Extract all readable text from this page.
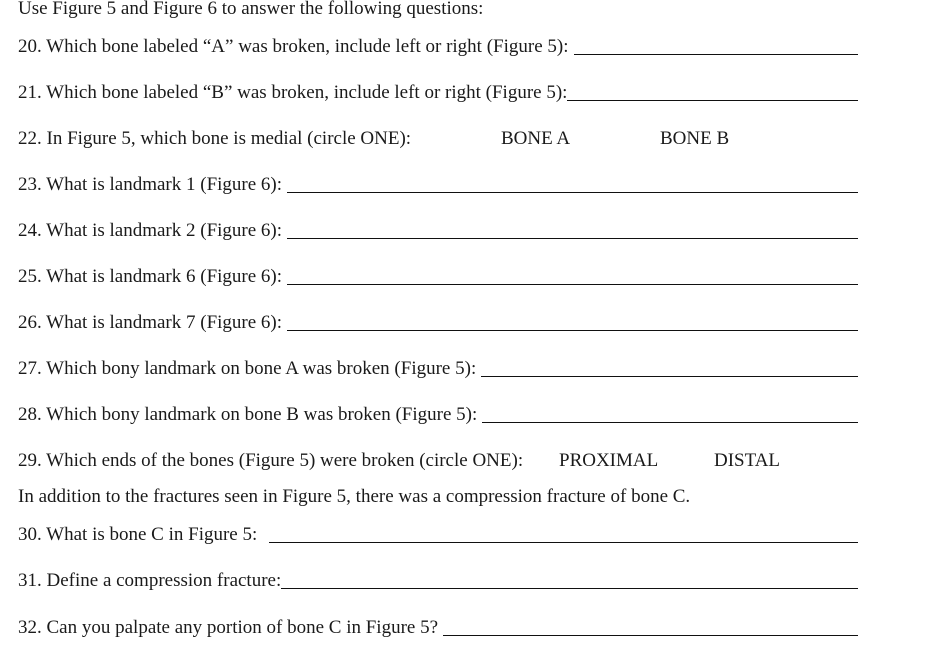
Use Figure 5 and Figure 6 to answer the following questions:
20. Which bone labeled “A” was broken, include left or right (Figure 5):
21. Which bone labeled “B” was broken, include left or right (Figure 5):
22. In Figure 5, which bone is medial (circle ONE):	BONE A	BONE B
23. What is landmark 1 (Figure 6):
24. What is landmark 2 (Figure 6):
25. What is landmark 6 (Figure 6):
26. What is landmark 7 (Figure 6):
27. Which bony landmark on bone A was broken (Figure 5):
28. Which bony landmark on bone B was broken (Figure 5):
29. Which ends of the bones (Figure 5) were broken (circle ONE): PROXIMAL	DISTAL
In addition to the fractures seen in Figure 5, there was a compression fracture of bone C.
30. What is bone C in Figure 5:
31. Define a compression fracture:
32. Can you palpate any portion of bone C in Figure 5?
